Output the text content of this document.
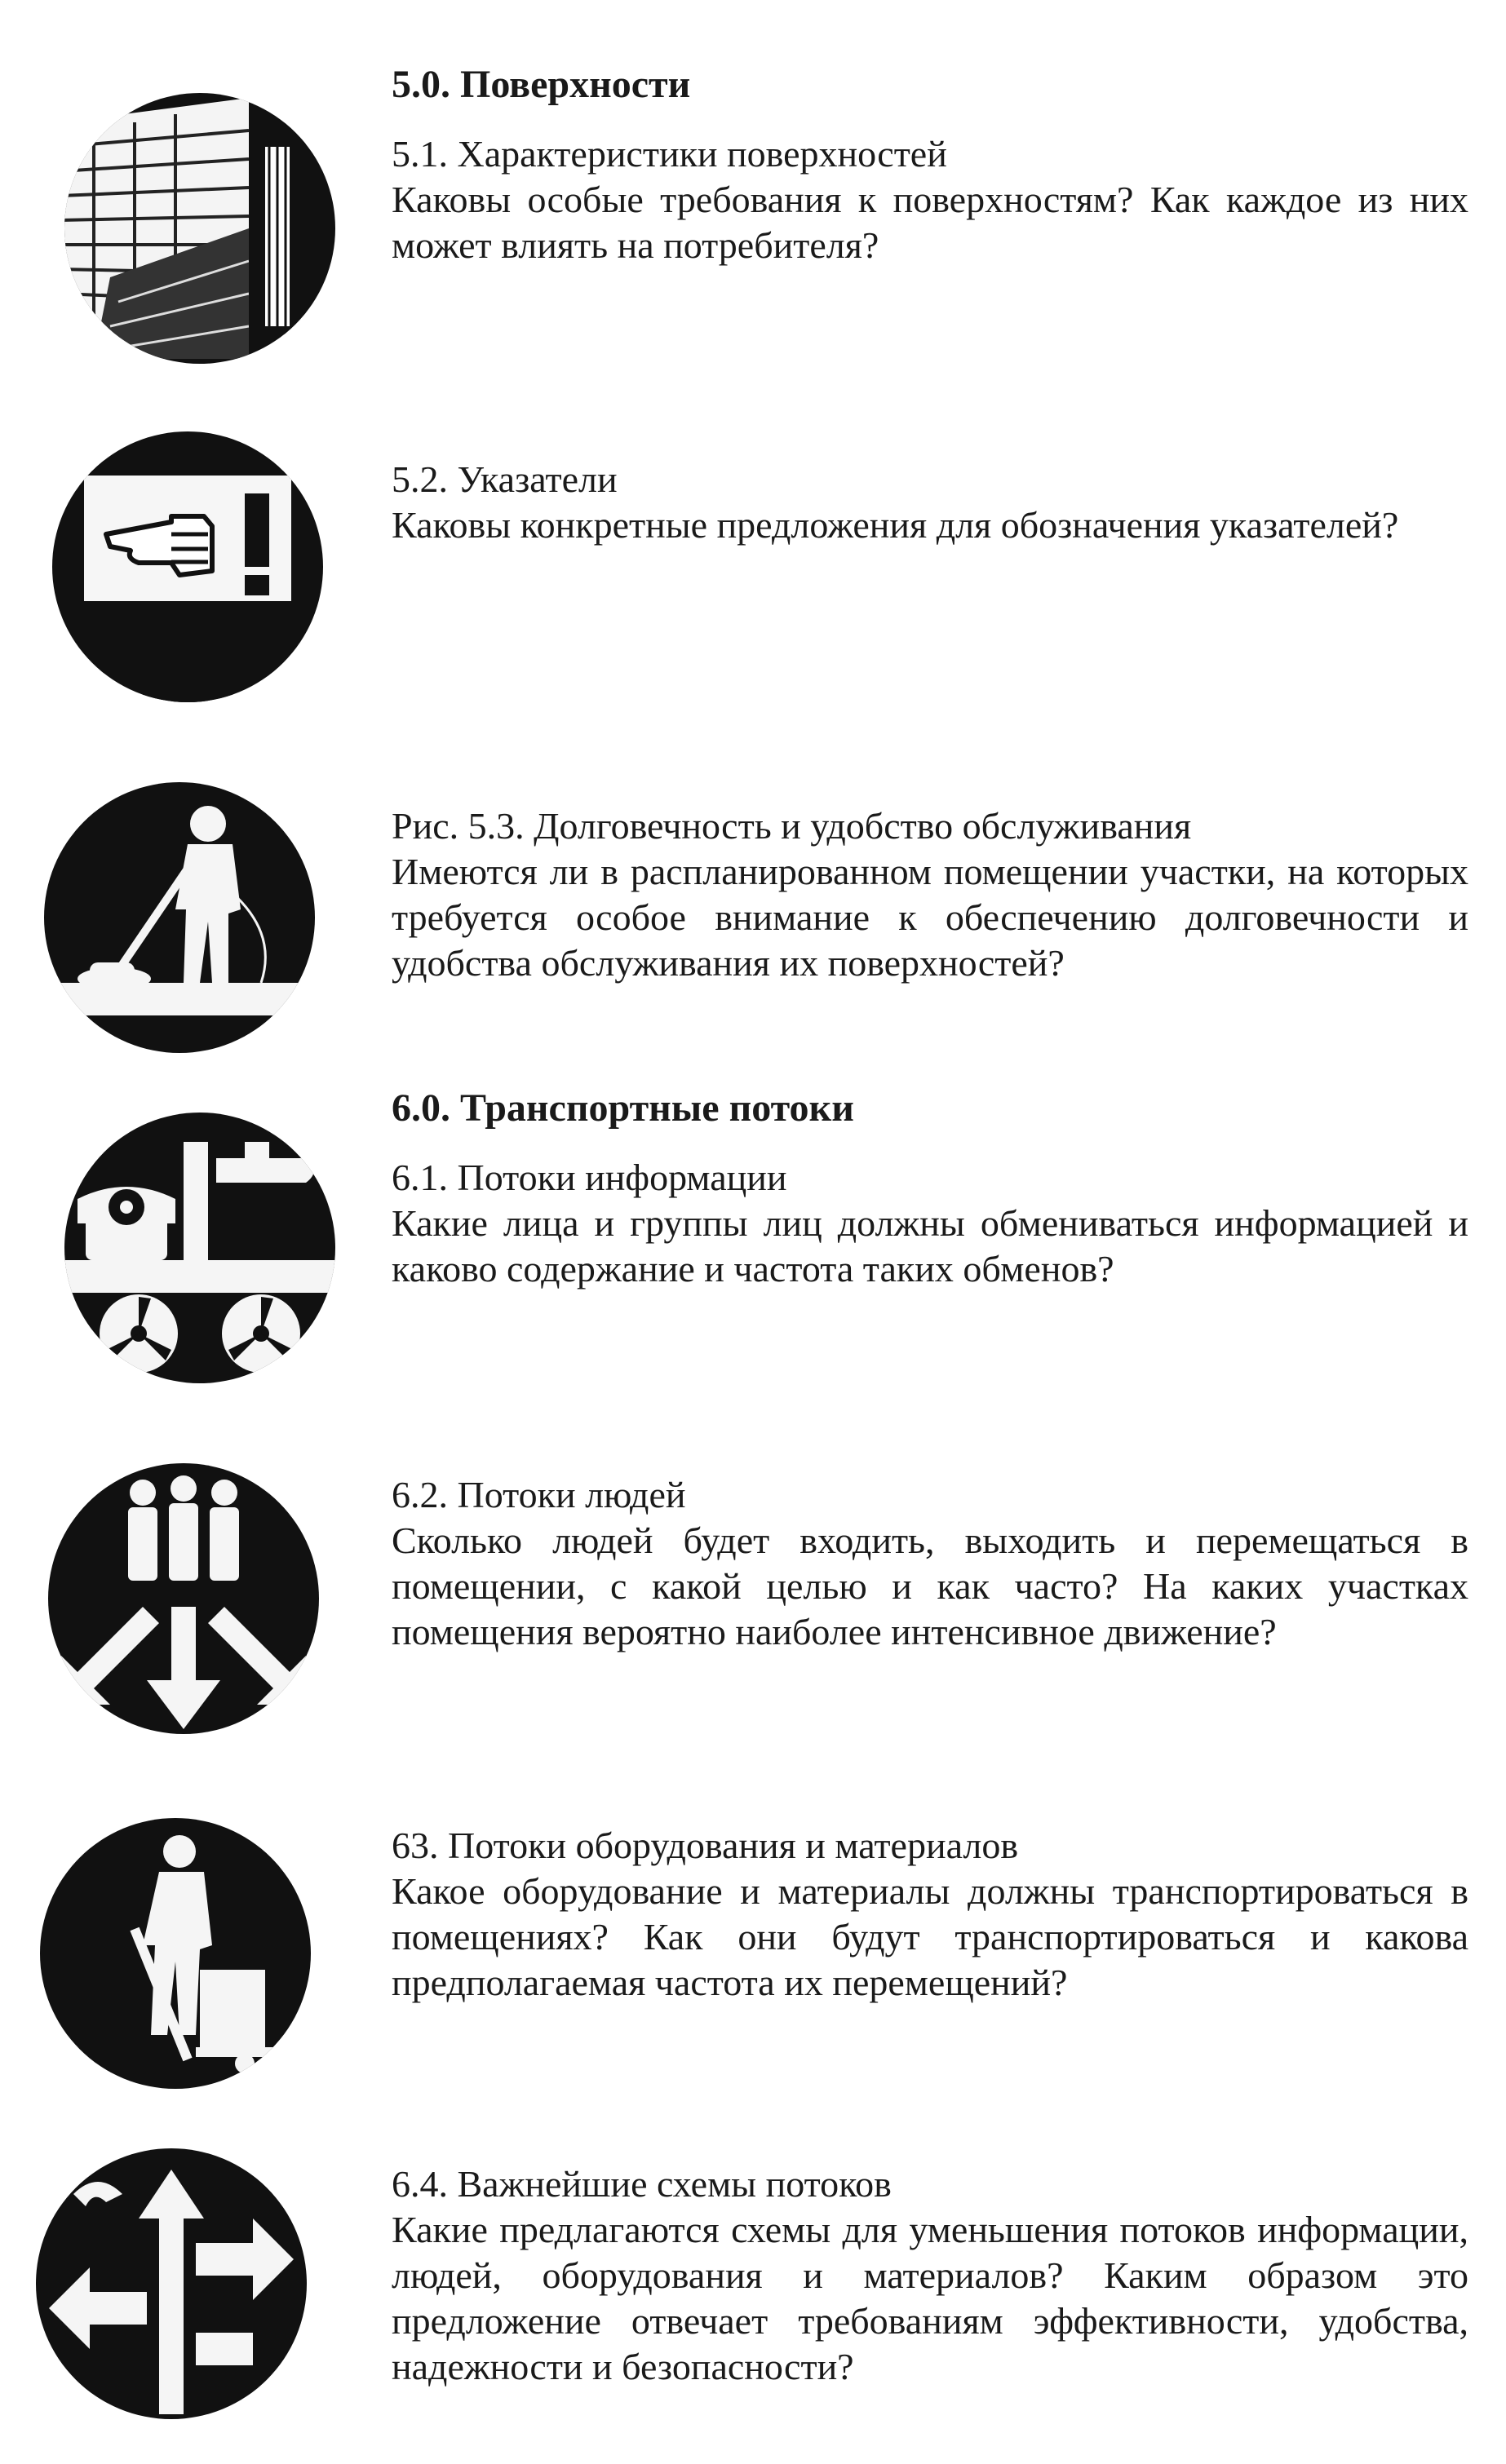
5.0. Поверхности

5.1. Характеристики поверхностей

Каковы особые требования к поверхностям? Как каждое из них может влиять на потребителя?

5.2. Указатели

Каковы конкретные предложения для обозначения указателей?

Рис. 5.3. Долговечность и удобство обслуживания

Имеются ли в распланированном помещении участки, на которых требуется особое внимание к обеспечению долговечности и удобства обслуживания их поверхностей?

6.0. Транспортные потоки

6.1. Потоки информации

Какие лица и группы лиц должны обмениваться информацией и каково содержание и частота таких обменов?

6.2. Потоки людей

Сколько людей будет входить, выходить и перемещаться в помещении, с какой целью и как часто? На каких участках помещения вероятно наиболее интенсивное движение?

63. Потоки оборудования и материалов

Какое оборудование и материалы должны транспортироваться в помещениях? Как они будут транспортироваться и какова предполагаемая частота их перемещений?

6.4. Важнейшие схемы потоков

Какие предлагаются схемы для уменьшения потоков информации, людей, оборудования и материалов? Каким образом это предложение отвечает требованиям эффективности, удобства, надежности и безопасности?
